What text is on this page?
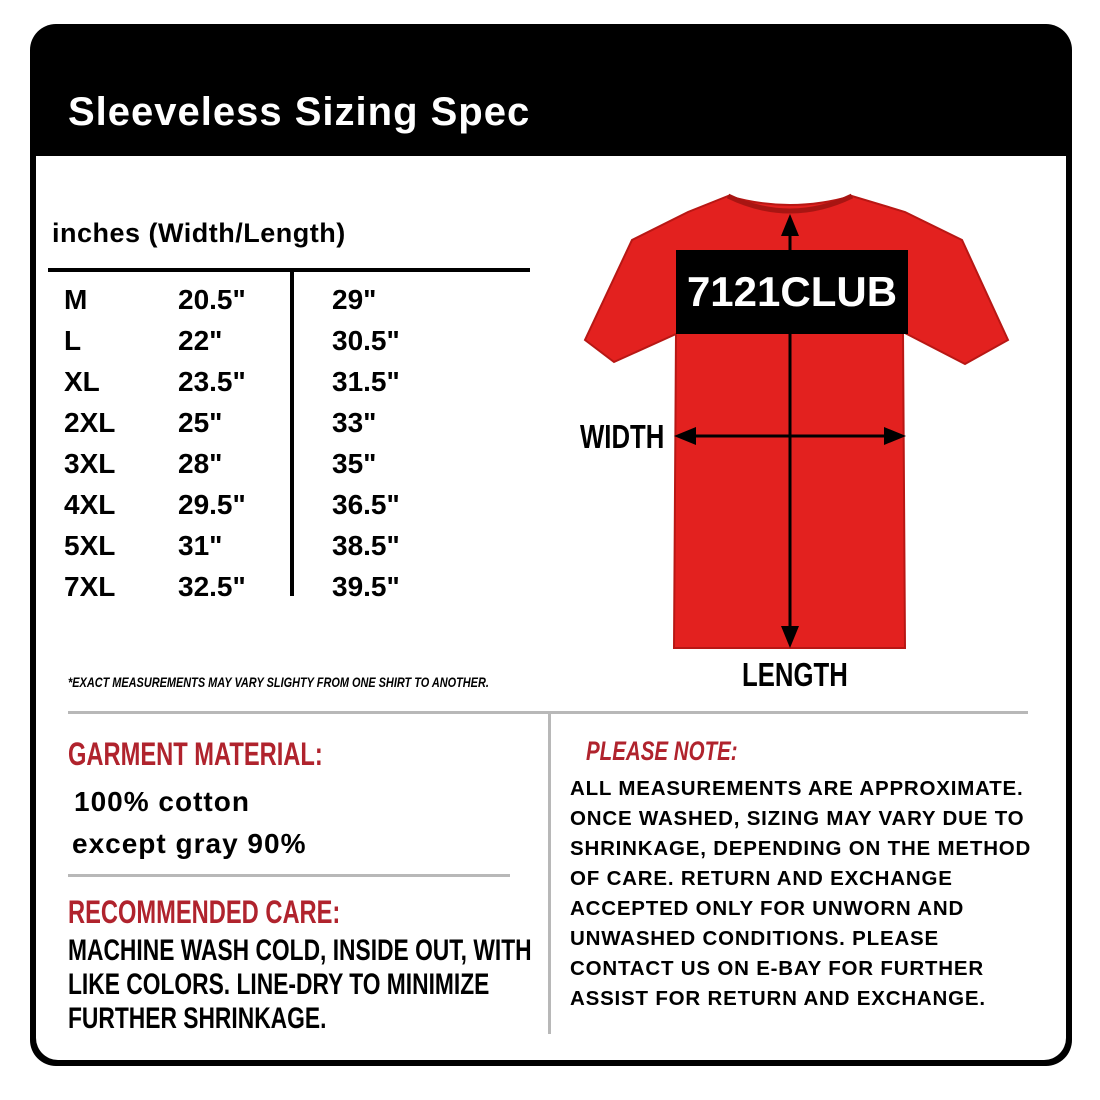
Sleeveless Sizing Spec
inches (Width/Length)
M	20.5"	29"
L	22"	30.5"
XL	23.5"	31.5"
2XL 25"	33"
3XL 28"	35"
4XL 29.5"	36.5"
5XL 31"	38.5"
7XL 32.5"	39.5"
7121CLUB
WIDTH
LENGTH
*EXACT MEASUREMENTS MAY VARY SLIGHTY FROM ONE SHIRT TO ANOTHER.
GARMENT MATERIAL:
100% cotton
except gray 90%
RECOMMENDED CARE:
MACHINE WASH COLD, INSIDE OUT, WITH LIKE COLORS. LINE-DRY TO MINIMIZE FURTHER SHRINKAGE.
PLEASE NOTE:
ALL MEASUREMENTS ARE APPROXIMATE. ONCE WASHED, SIZING MAY VARY DUE TO SHRINKAGE, DEPENDING ON THE METHOD OF CARE. RETURN AND EXCHANGE ACCEPTED ONLY FOR UNWORN AND UNWASHED CONDITIONS. PLEASE CONTACT US ON E-BAY FOR FURTHER ASSIST FOR RETURN AND EXCHANGE.
